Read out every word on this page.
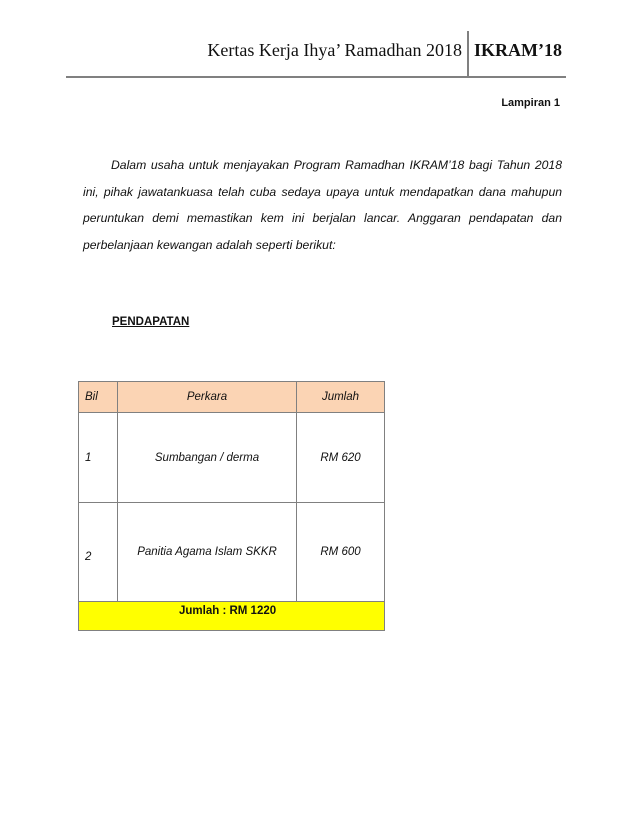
Kertas Kerja Ihya’ Ramadhan 2018 IKRAM’18
Lampiran 1

Dalam usaha untuk menjayakan Program Ramadhan IKRAM’18 bagi Tahun 2018 ini, pihak jawatankuasa telah cuba sedaya upaya untuk mendapatkan dana mahupun peruntukan demi memastikan kem ini berjalan lancar. Anggaran pendapatan dan perbelanjaan kewangan adalah seperti berikut:

PENDAPATAN
Bil	Perkara	Jumlah
1	Sumbangan / derma	RM 620
2	Panitia Agama Islam SKKR	RM 600
Jumlah : RM 1220		
